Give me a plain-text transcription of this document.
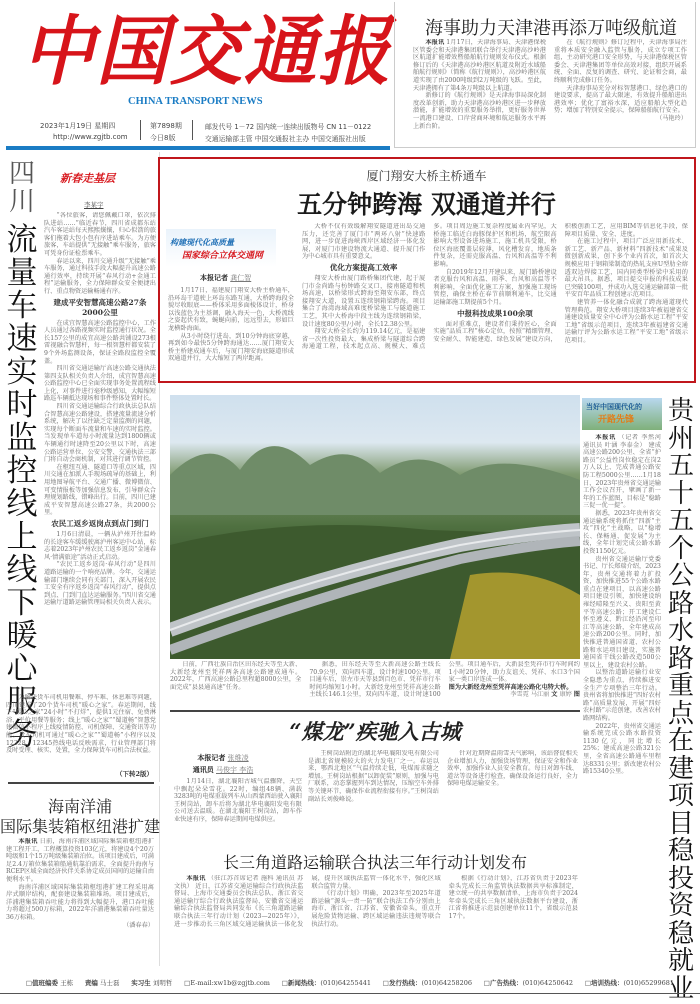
中国交通报
CHINA TRANSPORT NEWS
2023年1月19日 星期四
http://www.zgjtb.com
第7898期
今日8版
邮发代号 1－72 国内统一连续出版物号 CN 11－0122
交通运输部主管 中国交通报社主办 中国交通报社出版
海事助力天津港再添万吨级航道

本报讯 1月17日，天津海事局、天津港保税区管委会和天津港集团联合举行天津港高沙岭港区航道扩能增效暨船舶航行规则发布仪式。根据修订后的《天津港高沙岭港区航道及附近水域船舶航行规则》（简称《航行规则》），高沙岭港区航道实现了由2000吨级到2万吨级的飞跃。至此，天津港拥有了第4条万吨级以上航道。

新修订的《航行规则》是天津海事局深化制度改革创新，助力天津港高沙岭港区进一步释放潜能，扩能增效的重要服务举措，更好服务世界一流港口建设、口岸营商环境和航运服务水平再上新台阶。

在《航行规则》修订过程中，天津海事局注重将本质安全融入监管与服务，成立专项工作组，主动研究港口安全形势，与天津港保税区管委会、天津港集团等单位高效对接，组织开展系统、全面、反复的调查、研究、论证和会商，最终顺利完成修订任务。

天津海事局充分对标智慧港口、绿色港口的建设要求，提高了最大限速，有效提升船舶进出港效率；优化了富裕水深，适应船舶大型化趋势；增加了特别安全提示，保障船舶航行安全。

（马艳玲）
四川
流量车速实时监控 线上线下暖心服务
新春走基层
李某宇

“各位旅客，请您佩戴口罩，依次排队进站……”临近春节，四川省成都东站汽车客运站每天熙熙攘攘，归心似箭的旅客们拖着大包小包有序进站乘车。为方便旅客，车站提供“无接触”乘车服务，旅客可凭身份证检票乘车。

春运以来，四川交通升级“无接触”乘车服务，通过科技手段大幅提升高速公路通行效率，持续开展“春风行动+金通工程”运输服务，全力保障群众安全便捷出行、重点物资运输畅通有序。

建成平安智慧高速公路27条2000公里

在成宜智慧高速公路监控中心，工作人员通过各路视频实时监控通行状况。全长157公里的成宜高速公路共铺设273根雷视融合智慧杆，每一根智慧杆都安装了9个外场监测设备，保证全路段监控全覆盖。

四川省交通运输厅高速公路交通执法第四支队相关负责人介绍，成宜智慧高速公路监控中心已全面实现事务处置流程线上化，对事件进行毫秒级感知，大幅缩短路巡车辆抵达现场和事件整体处置时长。

四川省交通运输综合行政执法总队结合智慧高速公路建设，搭建流量流速分析系统，解决了以往缺乏定量监测的问题，实现每个断面车流量和车速的实时监控。当发现单车道每小时流量达到1800辆或车辆通行时速降至20公里以下时，高速公路运营单位、公安交警、交通执法三部门将自动会商机制，对其进行调节管控。

在枢纽互通、隧道口等重点区域，四川交通在加派人手现场疏导的基础上，利用地图导航平台、交通广播、微博微信、可变情报板等加强信息发布，引导群众合理规划路线，错峰出行。目前，四川已建成平安智慧高速公路27条，共2000公里。

农民工返乡返岗点到点门到门

1月6日清晨，一辆从泸州开往温岭的长途客车缓缓驶离泸州客运中心站，标志着2023年泸州农民工返乡返岗“金通春风·情满旅途”活动正式启动。

“农民工返乡返岗·春风行动”是四川道路运输的一个响亮品牌。今年，交通运输部门继续会同有关部门，深入开展农民工安全有序返乡返岗“春风行动”，提供点到点、门到门直达运输服务。”四川省交通运输厅道路运输管理局相关负责人表示。

为解决货车司机用餐难、停车难、休息难等问题，四川建成了20个货车司机“暖心之家”。春运期间，线下“暖心之家”24小时“不打烊”，提供1元住宿、免费淋浴、平价用餐等服务；线上“暖心之家”“蜀道畅”智慧党建微信小程序上线疫情防控、司机保障、交通资讯等功能。货车司机可通过“暖心之家”“蜀道畅”小程序以及12328、12345热线电话反映需求，行业管理部门将及时受理、核实、处置，全力保障货车司机合法权益。

（下转2版）
海南洋浦
国际集装箱枢纽港扩建

本报讯 日前，海南洋浦区域国际集装箱枢纽港扩建工程开工，工程概算投资103亿元，将建设4个20万吨级和1个15万吨级集装箱泊位。该项目建成后，可满足2.4万箱位集装箱船通航靠泊需求，全面提升海南与RCEP区域全面经济伙伴关系协定成员国间的运输自由便利水平。

海南洋浦区域国际集装箱枢纽港扩建工程采用离岸式顺岸结构，配套建设集装箱堆场。项目建成后，洋浦港集装箱吞吐能力将得到大幅提升，港口吞吐能力将超过500万标箱，2022年洋浦港集装箱吞吐量达36万标箱。

（潘春春）
厦门翔安大桥主桥通车
五分钟跨海 双通道并行
构建现代化高质量
国家综合立体交通网
本报记者 龚仁智

1月17日，福建厦门翔安大桥主桥通车，沿环岛干道驶上环岛东路互通，大桥跨海段全貌尽收眼底——桥体采用多面棱体设计，桥身以浅蓝色为主基调，融入海天一色，大桥流线之姿起伏有致，蜿蜒向前，远远望去，形如巨龙横卧海面。

从3小时绕行进岛，到10分钟海底穿越，再到如今最快5分钟跨海通达……厦门翔安大桥主桥建成通车后，与厦门翔安海底隧道形成双通道并行，大大缩短了两岸距离。

大桥不仅有效缓解翔安隧道进出岛交通压力，还完善了厦门市“两环八射”快速路网，进一步促进海峡西岸区域经济一体化发展，对厦门市建设物流大通道、提升厦门作为中心城市具有重要意义。

优化方案提高工效率

翔安大桥由厦门路桥集团代建，起于厦门市金尚路与枋钟路交叉口，接南隧道和机场高速，以桥梁形式跨海至翔安东部，终点接翔安大道，设置五连续钢箱梁跨海。项目集合了海湾海域高难度桥梁施工与隧道施工工艺，其中大桥海中段主线为连续钢箱梁，设计速度80公里/小时，全长12.38公里。

翔安大桥全长约为119.14亿元，是福建省一次性投资最大、集成桥梁与隧道综合跨海通道工程，技术起点高、规模大、难点多。项目周边施工复杂程度属业内罕见，大桥施工临近白海豚保护区和机场，航空限高影响大型设备进场施工，施工机具受限，桥位区海底覆盖层较薄，风化槽发育，地质条件复杂，还需克服高温、台风和高温等不利影响。

自2019年12月开建以来，厦门路桥建设者克服台风和高温、雨季、台风和高温等不利影响，全面优化施工方案，加强施工现场管控，确保主桥在春节前顺利通车，比交通运输部施工期提前5个月。

中报科技成果100余项

面对重难点，建设者们秉持匠心，全面实施“品质工程”核心定位，按照“精细管理、安全耐久、智能建造、绿色发展”建设方向，积极创新工艺，应用BIM等信息化手段，保障项目质量、安全、进度。

在施工过程中，项目广泛应用新技术、新工艺、新产品、新材料“四新技术”成果及微创新成果，创下多个业内首次，如首次大规模应用于钢箱梁制造的热轧支座U型肋全熔透双边焊接工艺，国内同类型桥梁中采用的最大吊具。据悉，项目提交申报的科技成果已突破100项，并成功入选交通运输部第一批平安百年品质工程创建示范项目。

建管养一体化融合成就了跨海通道现代管理典范。翔安大桥项目连续3年被福建省交通建设质量安全中心评为公路水运工程“平安工地”省级示范项目，连续3年被福建省交通运输厅评为公路水运工程“平安工地”省级示范项目。

日前，广西壮族自治区田东经天等至大新、大新经龙州至凭祥两条高速公路建成通车。2022年，广西高速公路总里程超8000公里，全面完成“县县通高速”任务。

据悉，田东经天等至大新高速公路主线长70.9公里，双向四车道，设计时速100公里。项目通车后，崇左市天等县到百色市、凭祥市行车时间均缩短1小时。大新经龙州至凭祥高速公路主线长146.1公里，双向四车道，设计时速100公里。项目通车后，大新县至凭祥市行车时间约1小时20分钟，助力友谊关、凭祥、水口3个国家一类口岸连成一体。

图为大新经龙州至凭祥高速公路化屯特大桥。
李雪霓 马江丽 文 康婷 图
当好中国现代化的
开路先锋

本报讯 （记者 李然河 通讯员 叶涵 李泰金） 建成高速公路200公里、全省“护路员”公益性岗位稳定在岗2万人以上、完成普通公路安防工程5000公里……1月18日，2023年贵州省交通运输工作会议召开，擘画了新一年的工作蓝图，目标是“稳路三促一优一提”。

据悉，2023年贵州省交通运输系统将抓住“四新”主攻“四化”主战略，以“稳增长、保畅通、促发展”为主线，全年计划完成公路水路投资1150亿元。

贵州省交通运输厅党委书记、厅长郑瑞介绍，2023年，贵州交通将着力扩投资，加快推进55个公路水路重点在建项目，以高速公路项目建设引领，加快建设纳雍经晴隆至兴义、贵阳至黄平等高速公路；开工建设仁怀至遵义、黔江经沿河至印江等高速公路，全年建成高速公路200公里。同时，加快推进普通国省道、农村公路和水运项目建设，实施普通国省干线公路改造500公里以上，建设农村公路。

以整治道路运输行业安全隐患为重点，持续推进安全生产专项整治三年行动。贵州省将加快推进“四好农村路”高质量发展，开展“四好农村路”示范创建，改善农村路网结构。

2022年，贵州省交通运输系统完成公路水路投资1130亿元，同比增长25%；建成高速公路321公里，全省高速公路通车里程达8331公里；新改建农村公路15340公里。

贵州五十五个公路水路重点在建项目稳投资稳就业
“煤龙”疾驰入古城
本报记者 张维凌
通讯员 马俊宇 李浩

1月14日，湖北襄阳古城气温骤降，天空中飘起朵朵雪花。22时，编组48辆、满载3283吨的电煤重载列车从山西蒙西站驶入襄阳王树岗站，卸车后将为湖北华电襄阳发电有限公司送去温暖。在湖北襄阳王树岗站，卸车作业快速有序，保障春运期间电煤供应。

王树岗站附近的湖北华电襄阳发电有限公司是湖北省规模较大的火力发电厂之一。春运以来，鄂西北地区“气温持续走低，电煤需求随之增加。王树岗站根据“以卸促装”原则，加强与电厂联系，动态掌握列车到达情况，压缩空车外排等关键环节，确保作业流程衔接有序。”王树岗站副站长刘俊峰说。

针对近期降温雨雪天气影响，该站督促相关企业增加人力，加强货场管理，保证安全和作业效率，加强作业人员安全教育。每日对卸车线、道岔等设备进行检查，确保设备运行良好，全力保障电煤运输安全。

长三角道路运输联合执法三年行动计划发布

本报讯 （驻江苏首席记者 施科 通讯员 苏文执） 近日，江苏省交通运输综合行政执法监督局、上海市交通委员会执法总队、浙江省交通运输厅综合行政执法监督局、安徽省交通运输综合执法监督局共同发布《长三角道路运输联合执法三年行动计划（2023—2025年）》，进一步推动长三角区域交通运输执法一体化发展，提升区域执法监管一体化水平，强化区域联合监管力量。

《行动计划》明确，2023年至2025年道路运输“源头一责一防”联合执法工作分别由上海市、浙江省、江苏省、安徽省牵头，重点开展危险货物运输、跨区域运输违法违规等联合执法行动。

根据《行动计划》，江苏省负责于2023年牵头完成长三角监管执法数据共享标准制定，建立统一的共享数据清单，上海市负责于2024年牵头完成长三角区域执法数据平台建设，浙江省将推进示范县创建单位11个，省级示范县17个。

□值班编委 王栋 责编 马士磊 实习生 刘明哲 □E-mail:xw1b@zgjtb.com □新闻热线：(010)64255441 □发行热线：(010)64258206 □广告热线：(010)64250642 □培训热线：(010)65299681
